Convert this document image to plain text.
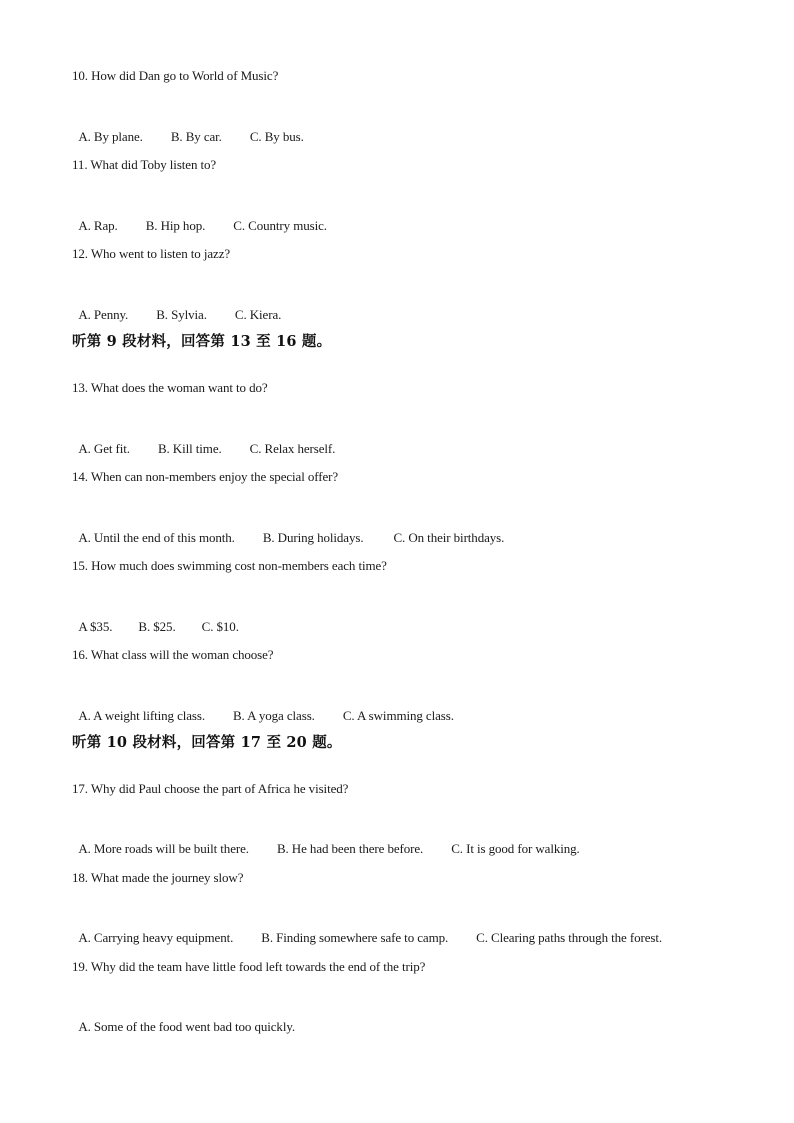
10. How did Dan go to World of Music?

A. By plane. B. By car. C. By bus.

11. What did Toby listen to?

A. Rap. B. Hip hop. C. Country music.

12. Who went to listen to jazz?

A. Penny. B. Sylvia. C. Kiera.

听第 9 段材料，回答第 13 至 16 题。
13. What does the woman want to do?

A. Get fit. B. Kill time. C. Relax herself.

14. When can non-members enjoy the special offer?

A. Until the end of this month. B. During holidays. C. On their birthdays.

15. How much does swimming cost non-members each time?

A $35. B. $25. C. $10.

16. What class will the woman choose?

A. A weight lifting class. B. A yoga class. C. A swimming class.

听第 10 段材料，回答第 17 至 20 题。
17. Why did Paul choose the part of Africa he visited?

A. More roads will be built there. B. He had been there before. C. It is good for walking.

18. What made the journey slow?

A. Carrying heavy equipment. B. Finding somewhere safe to camp. C. Clearing paths through the forest.

19. Why did the team have little food left towards the end of the trip?

A. Some of the food went bad too quickly.
